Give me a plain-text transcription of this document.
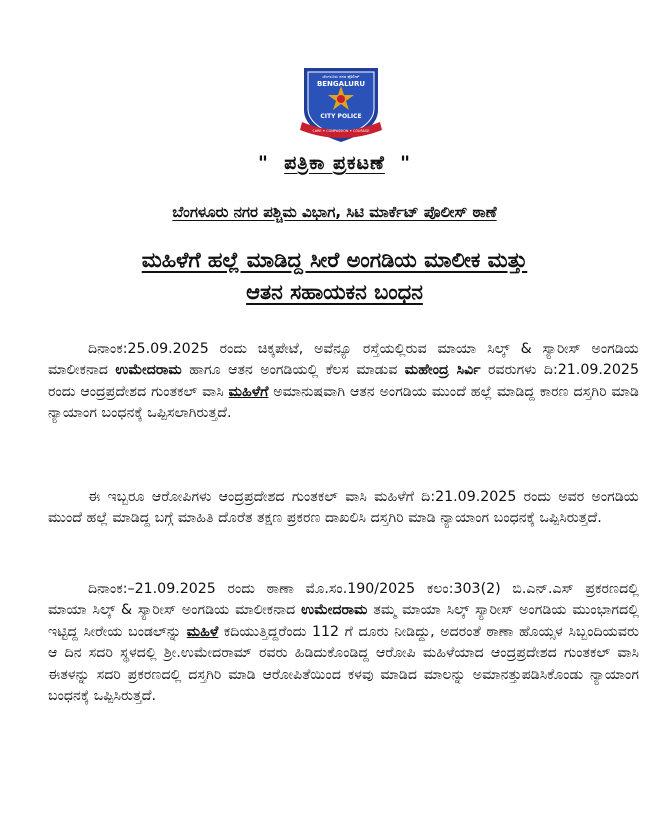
ಬೆಂಗಳೂರು ನಗರ ಪೊಲೀಸ್
BENGALURU
CITY POLICE
CARE ✦ COMPASSION ✦ COURAGE
" ಪತ್ರಿಕಾ ಪ್ರಕಟಣೆ "
ಬೆಂಗಳೂರು ನಗರ ಪಶ್ಚಿಮ ವಿಭಾಗ, ಸಿಟಿ ಮಾರ್ಕೆಟ್ ಪೊಲೀಸ್ ಠಾಣೆ
ಮಹಿಳೆಗೆ ಹಲ್ಲೆ ಮಾಡಿದ್ದ ಸೀರೆ ಅಂಗಡಿಯ ಮಾಲೀಕ ಮತ್ತು
ಆತನ ಸಹಾಯಕನ ಬಂಧನ

ದಿನಾಂಕ:25.09.2025 ರಂದು ಚಿಕ್ಕಪೇಟೆ, ಅವೆನ್ಯೂ ರಸ್ತೆಯಲ್ಲಿರುವ ಮಾಯಾ ಸಿಲ್ಕ್ & ಸ್ಯಾರೀಸ್ ಅಂಗಡಿಯ ಮಾಲೀಕನಾದ ಉಮೇದರಾಮ ಹಾಗೂ ಆತನ ಅಂಗಡಿಯಲ್ಲಿ ಕೆಲಸ ಮಾಡುವ ಮಹೇಂದ್ರ ಸಿರ್ವಿ ರವರುಗಳು ದಿ:21.09.2025 ರಂದು ಆಂದ್ರಪ್ರದೇಶದ ಗುಂತಕಲ್ ವಾಸಿ ಮಹಿಳೆಗೆ ಅಮಾನುಷವಾಗಿ ಆತನ ಅಂಗಡಿಯ ಮುಂದೆ ಹಲ್ಲೆ ಮಾಡಿದ್ದ ಕಾರಣ ದಸ್ತಗಿರಿ ಮಾಡಿ ನ್ಯಾಯಾಂಗ ಬಂಧನಕ್ಕೆ ಒಪ್ಪಿಸಲಾಗಿರುತ್ತದೆ.

ಈ ಇಬ್ಬರೂ ಆರೋಪಿಗಳು ಆಂದ್ರಪ್ರದೇಶದ ಗುಂತಕಲ್ ವಾಸಿ ಮಹಿಳೆಗೆ ದಿ:21.09.2025 ರಂದು ಅವರ ಅಂಗಡಿಯ ಮುಂದೆ ಹಲ್ಲೆ ಮಾಡಿದ್ದ ಬಗ್ಗೆ ಮಾಹಿತಿ ದೊರೆತ ತಕ್ಷಣ ಪ್ರಕರಣ ದಾಖಲಿಸಿ ದಸ್ತಗಿರಿ ಮಾಡಿ ನ್ಯಾಯಾಂಗ ಬಂಧನಕ್ಕೆ ಒಪ್ಪಿಸಿರುತ್ತದೆ.

ದಿನಾಂಕ:–21.09.2025 ರಂದು ಠಾಣಾ ಮೊ.ಸಂ.190/2025 ಕಲಂ:303(2) ಬಿ.ಎನ್.ಎಸ್ ಪ್ರಕರಣದಲ್ಲಿ ಮಾಯಾ ಸಿಲ್ಕ್ & ಸ್ಯಾರೀಸ್ ಅಂಗಡಿಯ ಮಾಲೀಕನಾದ ಉಮೇದರಾಮ ತಮ್ಮ ಮಾಯಾ ಸಿಲ್ಕ್ ಸ್ಯಾರೀಸ್ ಅಂಗಡಿಯ ಮುಂಭಾಗದಲ್ಲಿ ಇಟ್ಟಿದ್ದ ಸೀರೇಯ ಬಂಡಲ್‌ನ್ನು ಮಹಿಳೆ ಕದಿಯುತ್ತಿದ್ದರೆಂದು 112 ಗೆ ದೂರು ನೀಡಿದ್ದು, ಅದರಂತೆ ಠಾಣಾ ಹೊಯ್ಸಳ ಸಿಬ್ಬಂದಿಯವರು ಆ ದಿನ ಸದರಿ ಸ್ಥಳದಲ್ಲಿ ಶ್ರೀ.ಉಮೇದರಾಮ್ ರವರು ಹಿಡಿದುಕೊಂಡಿದ್ದ ಆರೋಪಿ ಮಹಿಳೆಯಾದ ಆಂದ್ರಪ್ರದೇಶದ ಗುಂತಕಲ್ ವಾಸಿ ಈತಳನ್ನು ಸದರಿ ಪ್ರಕರಣದಲ್ಲಿ ದಸ್ತಗಿರಿ ಮಾಡಿ ಆರೋಪಿತೆಯಿಂದ ಕಳವು ಮಾಡಿದ ಮಾಲನ್ನು ಅಮಾನತ್ತುಪಡಿಸಿಕೊಂಡು ನ್ಯಾಯಾಂಗ ಬಂಧನಕ್ಕೆ ಒಪ್ಪಿಸಿರುತ್ತದೆ.
